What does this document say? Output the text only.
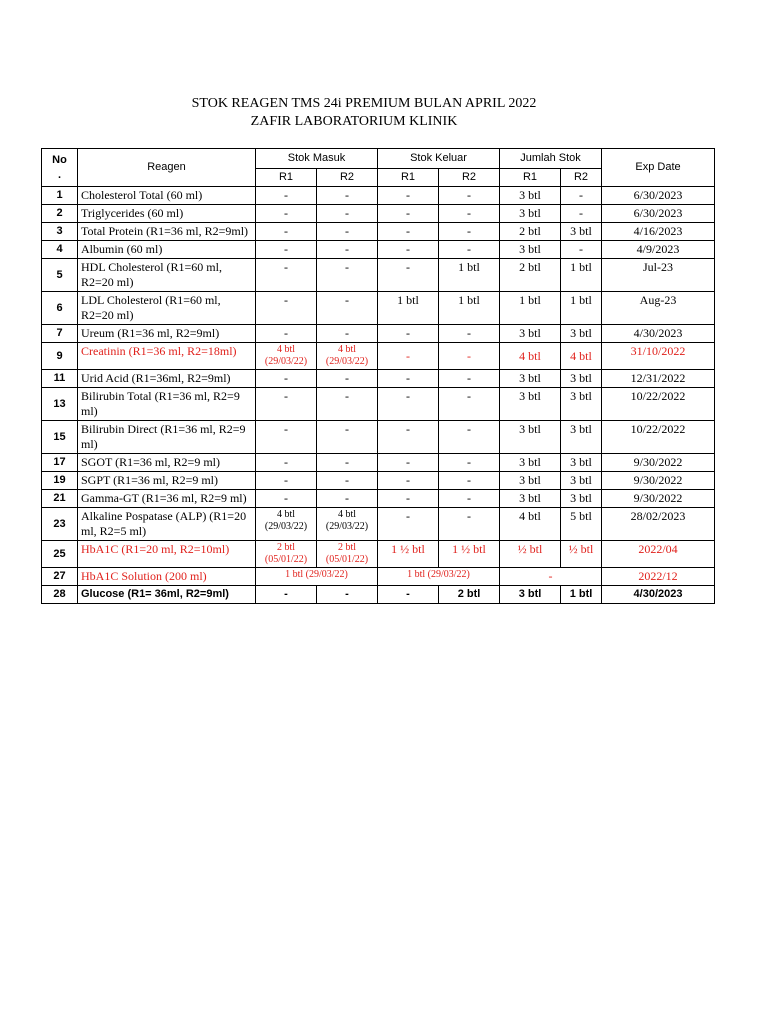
STOK REAGEN TMS 24i PREMIUM BULAN APRIL 2022
ZAFIR LABORATORIUM KLINIK
No
.	Reagen	Stok Masuk		Stok Keluar		Jumlah Stok		Exp Date
		R1	R2	R1	R2	R1	R2	
1	Cholesterol Total (60 ml)	-	-	-	-	3 btl	-	6/30/2023
2	Triglycerides (60 ml)	-	-	-	-	3 btl	-	6/30/2023
3	Total Protein (R1=36 ml, R2=9ml)	-	-	-	-	2 btl	3 btl	4/16/2023
4	Albumin (60 ml)	-	-	-	-	3 btl	-	4/9/2023
5	HDL Cholesterol (R1=60 ml, R2=20 ml)	-	-	-	1 btl	2 btl	1 btl	Jul-23
6	LDL Cholesterol (R1=60 ml, R2=20 ml)	-	-	1 btl	1 btl	1 btl	1 btl	Aug-23
7	Ureum (R1=36 ml, R2=9ml)	-	-	-	-	3 btl	3 btl	4/30/2023
9	Creatinin (R1=36 ml, R2=18ml)	4 btl (29/03/22)	4 btl (29/03/22)	-	-	4 btl	4 btl	31/10/2022
11	Urid Acid (R1=36ml, R2=9ml)	-	-	-	-	3 btl	3 btl	12/31/2022
13	Bilirubin Total (R1=36 ml, R2=9 ml)	-	-	-	-	3 btl	3 btl	10/22/2022
15	Bilirubin Direct (R1=36 ml, R2=9 ml)	-	-	-	-	3 btl	3 btl	10/22/2022
17	SGOT (R1=36 ml, R2=9 ml)	-	-	-	-	3 btl	3 btl	9/30/2022
19	SGPT (R1=36 ml, R2=9 ml)	-	-	-	-	3 btl	3 btl	9/30/2022
21	Gamma-GT (R1=36 ml, R2=9 ml)	-	-	-	-	3 btl	3 btl	9/30/2022
23	Alkaline Pospatase (ALP) (R1=20 ml, R2=5 ml)	4 btl (29/03/22)	4 btl (29/03/22)	-	-	4 btl	5 btl	28/02/2023
25	HbA1C (R1=20 ml, R2=10ml)	2 btl (05/01/22)	2 btl (05/01/22)	1 ½ btl	1 ½ btl	½ btl	½ btl	2022/04
27	HbA1C Solution (200 ml)	1 btl (29/03/22)		1 btl (29/03/22)		-		2022/12
28	Glucose (R1= 36ml, R2=9ml)	-	-	-	2 btl	3 btl	1 btl	4/30/2023
